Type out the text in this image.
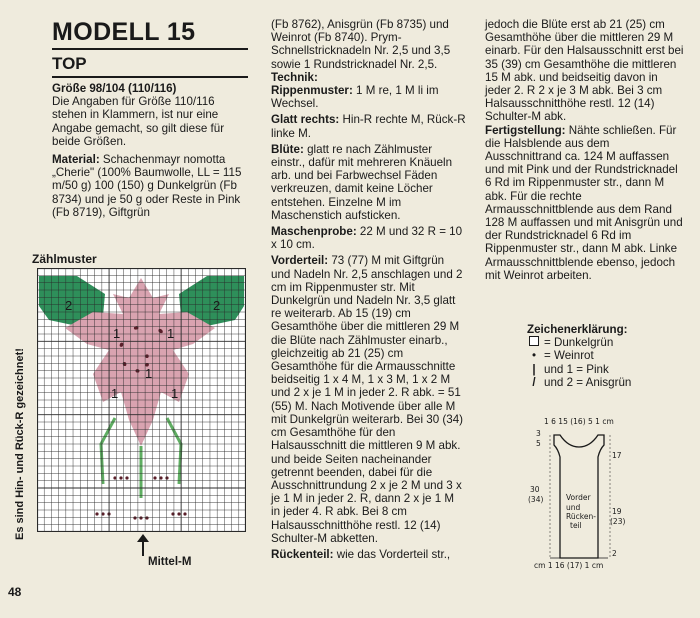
MODELL 15
TOP

Größe 98/104 (110/116)
Die Angaben für Größe 110/116 stehen in Klammern, ist nur eine Angabe gemacht, so gilt diese für beide Größen.

Material: Schachenmayr nomotta „Cherie" (100% Baumwolle, LL = 115 m/50 g) 100 (150) g Dunkelgrün (Fb 8734) und je 50 g oder Reste in Pink (Fb 8719), Giftgrün

(Fb 8762), Anisgrün (Fb 8735) und Weinrot (Fb 8740). Prym-Schnellstricknadeln Nr. 2,5 und 3,5 sowie 1 Rundstricknadel Nr. 2,5.

Technik:

Rippenmuster: 1 M re, 1 M li im Wechsel.

Glatt rechts: Hin-R rechte M, Rück-R linke M.

Blüte: glatt re nach Zählmuster einstr., dafür mit mehreren Knäueln arb. und bei Farbwechsel Fäden verkreuzen, damit keine Löcher entstehen. Einzelne M im Maschenstich aufsticken.

Maschenprobe: 22 M und 32 R = 10 x 10 cm.

Vorderteil: 73 (77) M mit Giftgrün und Nadeln Nr. 2,5 anschlagen und 2 cm im Rippenmuster str. Mit Dunkelgrün und Nadeln Nr. 3,5 glatt re weiterarb. Ab 15 (19) cm Gesamthöhe über die mittleren 29 M die Blüte nach Zählmuster einarb., gleichzeitig ab 21 (25) cm Gesamthöhe für die Armausschnitte beidseitig 1 x 4 M, 1 x 3 M, 1 x 2 M und 2 x je 1 M in jeder 2. R abk. = 51 (55) M. Nach Motivende über alle M mit Dunkelgrün weiterarb. Bei 30 (34) cm Gesamthöhe für den Halsausschnitt die mittleren 9 M abk. und beide Seiten nacheinander getrennt beenden, dabei für die Ausschnittrundung 2 x je 2 M und 3 x je 1 M in jeder 2. R, dann 2 x je 1 M in jeder 4. R abk. Bei 8 cm Halsausschnitthöhe restl. 12 (14) Schulter-M abketten.

Rückenteil: wie das Vorderteil str.,

jedoch die Blüte erst ab 21 (25) cm Gesamthöhe über die mittleren 29 M einarb. Für den Halsausschnitt erst bei 35 (39) cm Gesamthöhe die mittleren 15 M abk. und beidseitig davon in jeder 2. R 2 x je 3 M abk. Bei 3 cm Halsausschnitthöhe restl. 12 (14) Schulter-M abk.

Fertigstellung: Nähte schließen. Für die Halsblende aus dem Ausschnittrand ca. 124 M auffassen und mit Pink und der Rundstricknadel 6 Rd im Rippenmuster str., dann M abk. Für die rechte Armausschnittblende aus dem Rand 128 M auffassen und mit Anisgrün und der Rundstricknadel 6 Rd im Rippenmuster str., dann M abk. Linke Armausschnittblende ebenso, jedoch mit Weinrot arbeiten.

Zählmuster
2	2
1	1
1
1	1
Es sind Hin- und Rück-R gezeichnet!
Mittel-M
Zeichenerklärung:
= Dunkelgrün
• = Weinrot
| und 1 = Pink
/ und 2 = Anisgrün
1 6 15 (16) 5 1 cm
3
5
17
30
(34)	Vorder
und
Rücken-
teil
19
(23)
2
cm 1 16 (17) 1 cm
48
